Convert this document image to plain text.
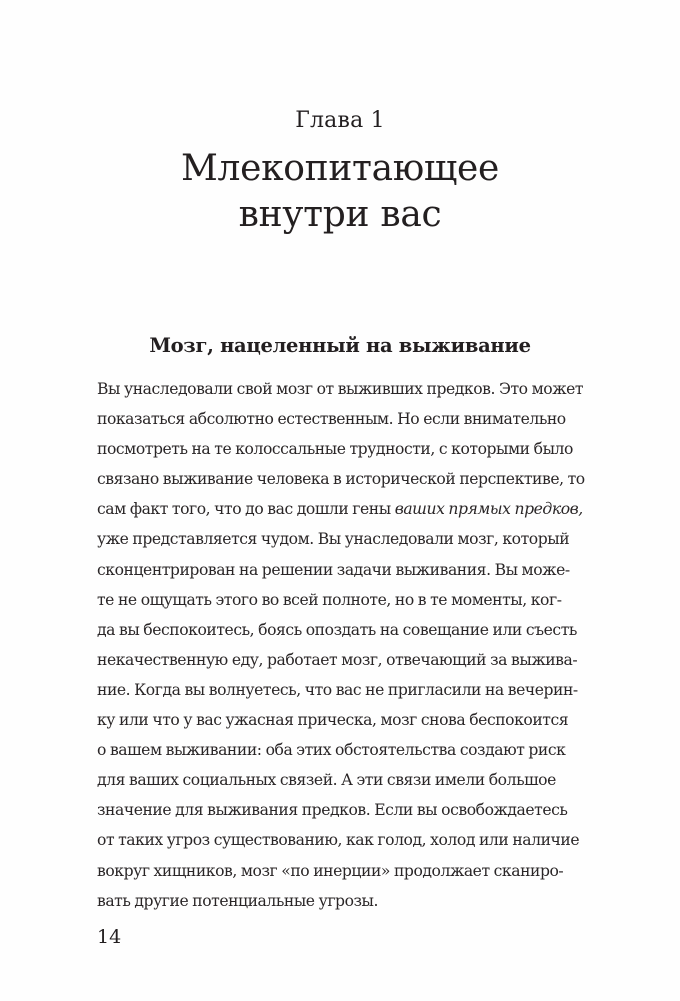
Глава 1
Млекопитающее
внутри вас
Мозг, нацеленный на выживание

Вы унаследовали свой мозг от выживших предков. Это может
показаться абсолютно естественным. Но если внимательно
посмотреть на те колоссальные трудности, с которыми было
связано выживание человека в исторической перспективе, то
сам факт того, что до вас дошли гены ваших прямых предков,
уже представляется чудом. Вы унаследовали мозг, который
сконцентрирован на решении задачи выживания. Вы може-
те не ощущать этого во всей полноте, но в те моменты, ког-
да вы беспокоитесь, боясь опоздать на совещание или съесть
некачественную еду, работает мозг, отвечающий за выжива-
ние. Когда вы волнуетесь, что вас не пригласили на вечерин-
ку или что у вас ужасная прическа, мозг снова беспокоится
о вашем выживании: оба этих обстоятельства создают риск
для ваших социальных связей. А эти связи имели большое
значение для выживания предков. Если вы освобождаетесь
от таких угроз существованию, как голод, холод или наличие
вокруг хищников, мозг «по инерции» продолжает сканиро-
вать другие потенциальные угрозы.

14
